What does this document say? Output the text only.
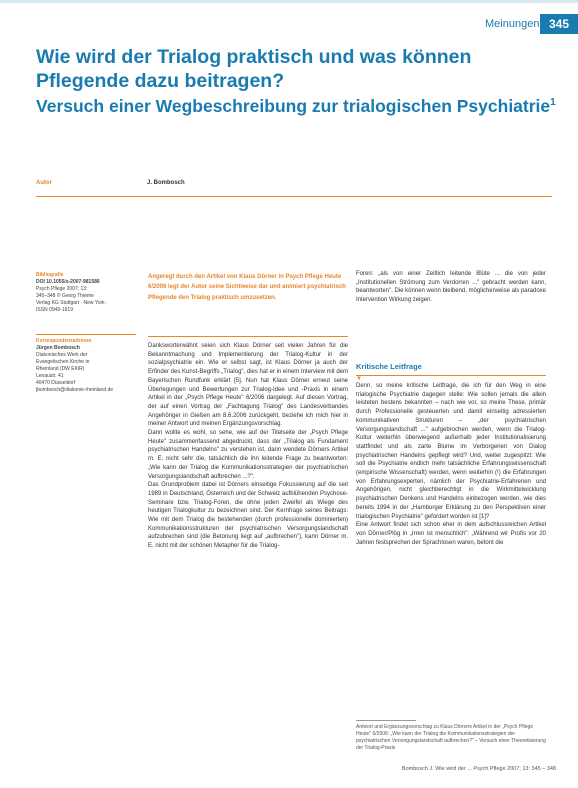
Meinungen 345
Wie wird der Trialog praktisch und was können Pflegende dazu beitragen?
Versuch einer Wegbeschreibung zur trialogischen Psychiatrie$^1$
Autor	J. Bombosch
Bibliografie
DOI 10.1055/s-2007-981586
Psych Pflege 2007; 13:
345–348 © Georg Thieme
Verlag KG Stuttgart · New York ·
ISSN 0949-1619
Korrespondenzadresse
Jürgen Bombosch
Diakonisches Werk der
Evangelischen Kirche in
Rheinland (DW EKiR)
Lenaustr. 41
40470 Düsseldorf
jbombosch@diakonie-rheinland.de
Angeregt durch den Artikel von Klaus Dörner in Psych Pflege Heute 6/2006 legt der Autor seine Sichtweise dar und animiert psychiatrisch Pflegende den Trialog praktisch umzusetzen.

Danksworterwähnt seien sich Klaus Dörner seit vielen Jahren für die Bekanntmachung und Implementierung der Trialog-Kultur in der sozialpsychiatrie ein. Wie er selbst sagt, ist Klaus Dörner ja auch der Erfinder des Kunst-Begriffs „Trialog", dies hat er in einem Interview mit dem Bayerischen Rundfunk erklärt [5]. Nun hat Klaus Dörner erneut seine Überlegungen und Bewertungen zur Trialog-Idee und -Praxis in einem Artikel in der „Psych Pflege Heute" 6/2006 dargelegt. Auf diesen Vortrag, der auf einen Vortrag der „Fachtagung Trialog" des Landesverbandes Angehöriger in Gießen am 8.6.2006 zurückgeht, beziehe ich mich hier in meiner Antwort und meinen Ergänzungsvorschlag.

Dann wollte es wohl, so sehe, wie auf der Titelseite der „Psych Pflege Heute" zusammenfassend abgedruckt, dass der „Trialog als Fundament psychiatrischen Handelns" zu verstehen ist, dann wendete Dörners Artikel m. E. nicht sehr die, tatsächlich die ihn leitende Frage zu beantworten: „Wie kann der Trialog die Kommunikationsstrategien der psychiatrischen Versorgungslandschaft aufbrechen ...?".

Das Grundproblem dabei ist Dörners einseitige Fokussierung auf die seit 1989 in Deutschland, Österreich und der Schweiz aufblühenden Psychose-Seminare bzw. Trialog-Foren, die ohne jeden Zweifel als Wiege des heutigen Trialogkultur zu bezeichnen sind. Der Kernfrage seines Beitrags: Wie mit dem Trialog die bestehenden (durch professionelle dominierten) Kommunikationsstrukturen der psychiatrischen Versorgungslandschaft aufzubrechen sind (die Betonung liegt auf „aufbrechen"), kann Dörner m. E. nicht mit der schönen Metapher für die Trialog-

Foren: „als von einer Zeitlich leitende Blüte ... die von jeder „Institutionellen Strömung zum Verdorren ..." gebracht werden kann, beantworten". Die können wenn bleibend, möglicherweise als paradoxe Intervention Wirkung zeigen.

Kritische Leitfrage
▼

Denn, so meine kritische Leitfrage, die ich für den Weg in eine trialogische Psychiatrie dagegen stelle: Wie sollen jemals die allein leisteten bestens bekannten – nach wie vor, so meine These, primär durch Professionelle gesteuerten und damit einseitig adressierten kommunikativen Strukturen – „der psychiatrischen Versorgungslandschaft ..." aufgebrochen werden, wenn die Trialog-Kultur weiterhin überwiegend außerhalb jeder Institutionalisierung stattfindet und als zarte Blume im Verborgenen von Dialog psychiatrischen Handelns gepflegt wird? Und, weiter zugespitzt: Wie soll die Psychiatrie endlich mehr tatsächliche Erfahrungswissenschaft (empirische Wissenschaft) werden, wenn weiterhin (!) die Erfahrungen von Erfahrungsexperten, nämlich der Psychiatrie-Erfahrenen und Angehörigen, nicht gleichberechtigt in die Wirkmittelwicklung psychiatrischen Denkens und Handelns einbezogen werden, wie dies bereits 1994 in der „Hamburger Erklärung zu den Perspektiven einer trialogischen Psychiatrie" gefordert worden ist [1]?

Eine Antwort findet sich schon eher in dem aufschlussreichen Artikel von Dörner/Plög in „Irren ist menschlich": „Während wir Profis vor 20 Jahren festsprechen der Sprachlosen waren, betont die

Antwort und Ergänzungsvorschlag zu Klaus Dörners Artikel in der „Psych Pflege Heute" 6/2006: „Wie kann der Trialog die Kommunikationsstrategien der psychiatrischen Versorgungslandschaft aufbrechen?" – Versuch einer Theoretisierung der Trialog-Praxis
Bombosch J. Wie wird der ... Psych Pflege 2007; 13: 345 – 348
